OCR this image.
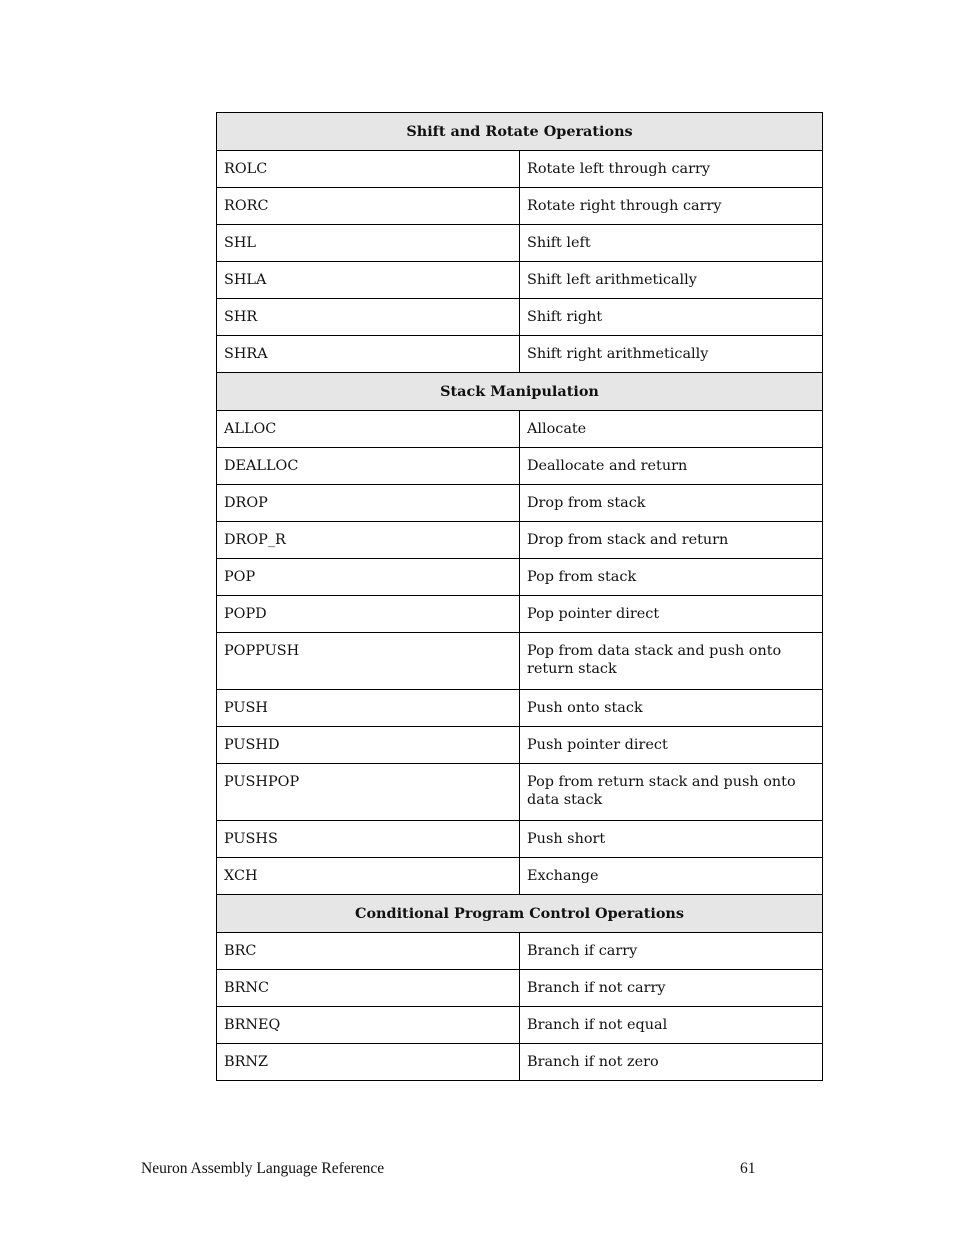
Shift and Rotate Operations	
ROLC	Rotate left through carry
RORC	Rotate right through carry
SHL	Shift left
SHLA	Shift left arithmetically
SHR	Shift right
SHRA	Shift right arithmetically
Stack Manipulation	
ALLOC	Allocate
DEALLOC	Deallocate and return
DROP	Drop from stack
DROP_R	Drop from stack and return
POP	Pop from stack
POPD	Pop pointer direct
POPPUSH	Pop from data stack and push onto
return stack
PUSH	Push onto stack
PUSHD	Push pointer direct
PUSHPOP	Pop from return stack and push onto
data stack
PUSHS	Push short
XCH	Exchange
Conditional Program Control Operations	
BRC	Branch if carry
BRNC	Branch if not carry
BRNEQ	Branch if not equal
BRNZ	Branch if not zero
Neuron Assembly Language Reference	61
